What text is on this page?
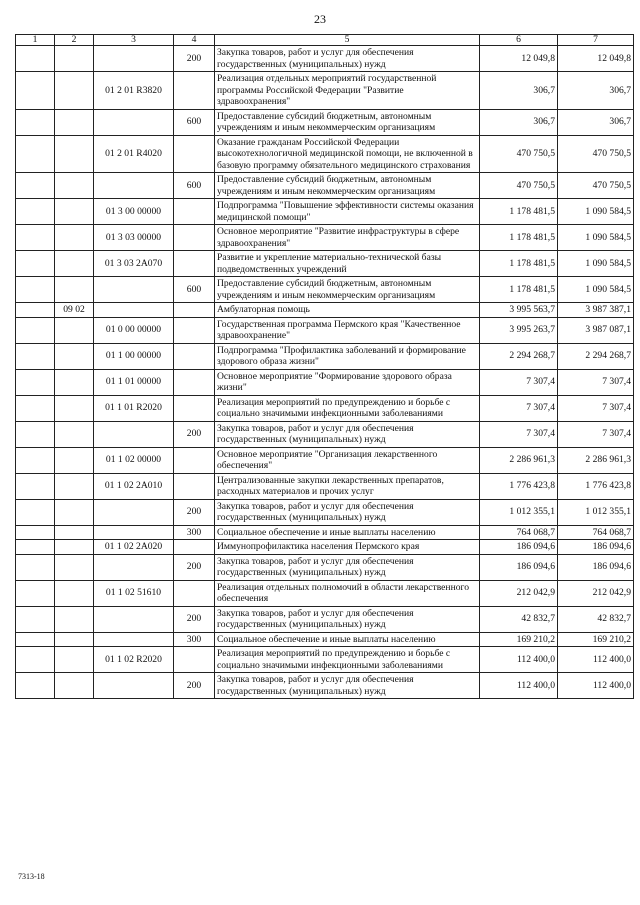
23
1	2	3	4	5	6	7
			200	Закупка товаров, работ и услуг для обеспечения государственных (муниципальных) нужд	12 049,8	12 049,8
		01 2 01 R3820		Реализация отдельных мероприятий государственной программы Российской Федерации "Развитие здравоохранения"	306,7	306,7
			600	Предоставление субсидий бюджетным, автономным учреждениям и иным некоммерческим организациям	306,7	306,7
		01 2 01 R4020		Оказание гражданам Российской Федерации высокотехнологичной медицинской помощи, не включенной в базовую программу обязательного медицинского страхования	470 750,5	470 750,5
			600	Предоставление субсидий бюджетным, автономным учреждениям и иным некоммерческим организациям	470 750,5	470 750,5
		01 3 00 00000		Подпрограмма "Повышение эффективности системы оказания медицинской помощи"	1 178 481,5	1 090 584,5
		01 3 03 00000		Основное мероприятие "Развитие инфраструктуры в сфере здравоохранения"	1 178 481,5	1 090 584,5
		01 3 03 2А070		Развитие и укрепление материально-технической базы подведомственных учреждений	1 178 481,5	1 090 584,5
			600	Предоставление субсидий бюджетным, автономным учреждениям и иным некоммерческим организациям	1 178 481,5	1 090 584,5
	09 02			Амбулаторная помощь	3 995 563,7	3 987 387,1
		01 0 00 00000		Государственная программа Пермского края "Качественное здравоохранение"	3 995 263,7	3 987 087,1
		01 1 00 00000		Подпрограмма "Профилактика заболеваний и формирование здорового образа жизни"	2 294 268,7	2 294 268,7
		01 1 01 00000		Основное мероприятие "Формирование здорового образа жизни"	7 307,4	7 307,4
		01 1 01 R2020		Реализация мероприятий по предупреждению и борьбе с социально значимыми инфекционными заболеваниями	7 307,4	7 307,4
			200	Закупка товаров, работ и услуг для обеспечения государственных (муниципальных) нужд	7 307,4	7 307,4
		01 1 02 00000		Основное мероприятие "Организация лекарственного обеспечения"	2 286 961,3	2 286 961,3
		01 1 02 2А010		Централизованные закупки лекарственных препаратов, расходных материалов и прочих услуг	1 776 423,8	1 776 423,8
			200	Закупка товаров, работ и услуг для обеспечения государственных (муниципальных) нужд	1 012 355,1	1 012 355,1
			300	Социальное обеспечение и иные выплаты населению	764 068,7	764 068,7
		01 1 02 2А020		Иммунопрофилактика населения Пермского края	186 094,6	186 094,6
			200	Закупка товаров, работ и услуг для обеспечения государственных (муниципальных) нужд	186 094,6	186 094,6
		01 1 02 51610		Реализация отдельных полномочий в области лекарственного обеспечения	212 042,9	212 042,9
			200	Закупка товаров, работ и услуг для обеспечения государственных (муниципальных) нужд	42 832,7	42 832,7
			300	Социальное обеспечение и иные выплаты населению	169 210,2	169 210,2
		01 1 02 R2020		Реализация мероприятий по предупреждению и борьбе с социально значимыми инфекционными заболеваниями	112 400,0	112 400,0
			200	Закупка товаров, работ и услуг для обеспечения государственных (муниципальных) нужд	112 400,0	112 400,0
7313-18
